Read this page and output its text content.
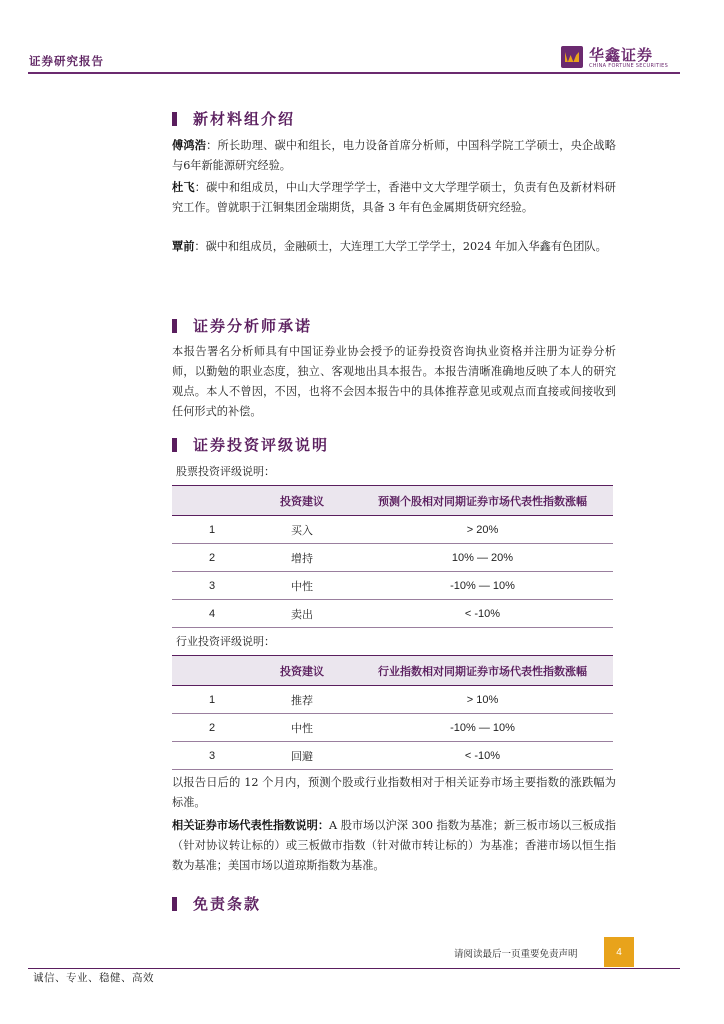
证券研究报告	华鑫证券
CHINA FORTUNE SECURITIES
新材料组介绍
傅鸿浩：所长助理、碳中和组长，电力设备首席分析师，中国科学院工学硕士，央企战略与6年新能源研究经验。
杜飞：碳中和组成员，中山大学理学学士，香港中文大学理学硕士，负责有色及新材料研究工作。曾就职于江铜集团金瑞期货，具备 3 年有色金属期货研究经验。
覃前：碳中和组成员，金融硕士，大连理工大学工学学士，2024 年加入华鑫有色团队。
证券分析师承诺
本报告署名分析师具有中国证券业协会授予的证券投资咨询执业资格并注册为证券分析师，以勤勉的职业态度，独立、客观地出具本报告。本报告清晰准确地反映了本人的研究观点。本人不曾因，不因，也将不会因本报告中的具体推荐意见或观点而直接或间接收到任何形式的补偿。
证券投资评级说明
股票投资评级说明：
	投资建议	预测个股相对同期证券市场代表性指数涨幅
1	买入	> 20%
2	增持	10% — 20%
3	中性	-10% — 10%
4	卖出	< -10%
行业投资评级说明：
	投资建议	行业指数相对同期证券市场代表性指数涨幅
1	推荐	> 10%
2	中性	-10% — 10%
3	回避	< -10%
以报告日后的 12 个月内，预测个股或行业指数相对于相关证券市场主要指数的涨跌幅为标准。
相关证券市场代表性指数说明：A 股市场以沪深 300 指数为基准；新三板市场以三板成指（针对协议转让标的）或三板做市指数（针对做市转让标的）为基准；香港市场以恒生指数为基准；美国市场以道琼斯指数为基准。
免责条款
请阅读最后一页重要免责声明	4
诚信、专业、稳健、高效
